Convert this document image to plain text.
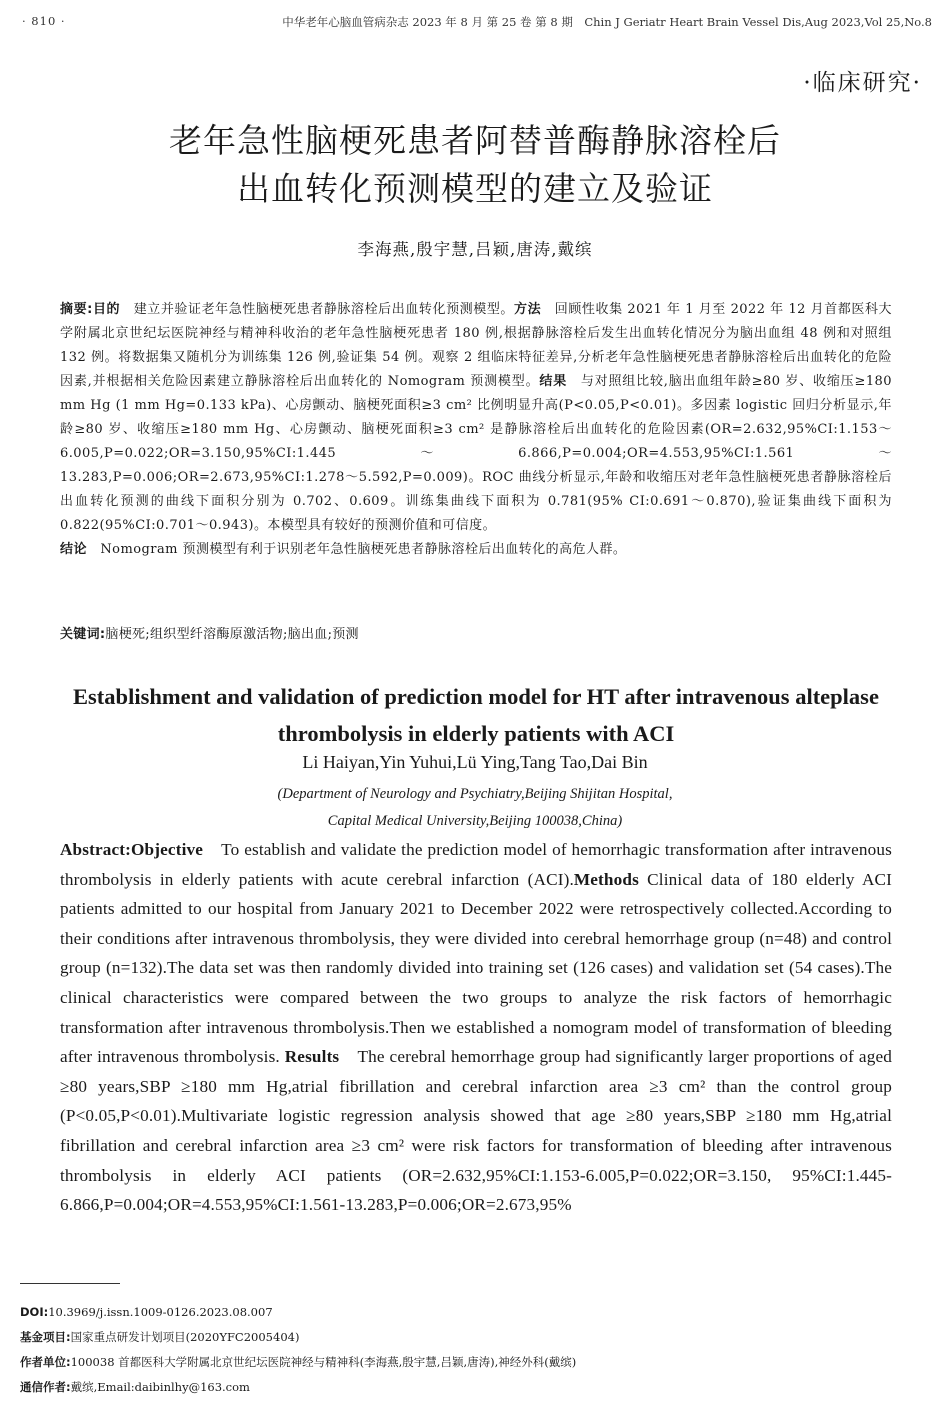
· 810 ·	中华老年心脑血管病杂志 2023 年 8 月 第 25 卷 第 8 期　Chin J Geriatr Heart Brain Vessel Dis,Aug 2023,Vol 25,No.8
·临床研究·
老年急性脑梗死患者阿替普酶静脉溶栓后
出血转化预测模型的建立及验证
李海燕,殷宇慧,吕颖,唐涛,戴缤
摘要:目的　建立并验证老年急性脑梗死患者静脉溶栓后出血转化预测模型。方法　回顾性收集 2021 年 1 月至 2022 年 12 月首都医科大学附属北京世纪坛医院神经与精神科收治的老年急性脑梗死患者 180 例,根据静脉溶栓后发生出血转化情况分为脑出血组 48 例和对照组 132 例。将数据集又随机分为训练集 126 例,验证集 54 例。观察 2 组临床特征差异,分析老年急性脑梗死患者静脉溶栓后出血转化的危险因素,并根据相关危险因素建立静脉溶栓后出血转化的 Nomogram 预测模型。结果　与对照组比较,脑出血组年龄≥80 岁、收缩压≥180 mm Hg (1 mm Hg=0.133 kPa)、心房颤动、脑梗死面积≥3 cm² 比例明显升高(P<0.05,P<0.01)。多因素 logistic 回归分析显示,年龄≥80 岁、收缩压≥180 mm Hg、心房颤动、脑梗死面积≥3 cm² 是静脉溶栓后出血转化的危险因素(OR=2.632,95%CI:1.153～6.005,P=0.022;OR=3.150,95%CI:1.445～6.866,P=0.004;OR=4.553,95%CI:1.561～13.283,P=0.006;OR=2.673,95%CI:1.278～5.592,P=0.009)。ROC 曲线分析显示,年龄和收缩压对老年急性脑梗死患者静脉溶栓后出血转化预测的曲线下面积分别为 0.702、0.609。训练集曲线下面积为 0.781(95% CI:0.691～0.870),验证集曲线下面积为 0.822(95%CI:0.701～0.943)。本模型具有较好的预测价值和可信度。
结论　Nomogram 预测模型有利于识别老年急性脑梗死患者静脉溶栓后出血转化的高危人群。
关键词:脑梗死;组织型纤溶酶原激活物;脑出血;预测
Establishment and validation of prediction model for HT after intravenous alteplase thrombolysis in elderly patients with ACI
Li Haiyan,Yin Yuhui,Lü Ying,Tang Tao,Dai Bin
(Department of Neurology and Psychiatry,Beijing Shijitan Hospital,
Capital Medical University,Beijing 100038,China)
Abstract:Objective　To establish and validate the prediction model of hemorrhagic transformation after intravenous thrombolysis in elderly patients with acute cerebral infarction (ACI).Methods Clinical data of 180 elderly ACI patients admitted to our hospital from January 2021 to December 2022 were retrospectively collected.According to their conditions after intravenous thrombolysis, they were divided into cerebral hemorrhage group (n=48) and control group (n=132).The data set was then randomly divided into training set (126 cases) and validation set (54 cases).The clinical characteristics were compared between the two groups to analyze the risk factors of hemorrhagic transformation after intravenous thrombolysis.Then we established a nomogram model of transformation of bleeding after intravenous thrombolysis. Results　The cerebral hemorrhage group had significantly larger proportions of aged ≥80 years,SBP ≥180 mm Hg,atrial fibrillation and cerebral infarction area ≥3 cm² than the control group (P<0.05,P<0.01).Multivariate logistic regression analysis showed that age ≥80 years,SBP ≥180 mm Hg,atrial fibrillation and cerebral infarction area ≥3 cm² were risk factors for transformation of bleeding after intravenous thrombolysis in elderly ACI patients (OR=2.632,95%CI:1.153-6.005,P=0.022;OR=3.150, 95%CI:1.445-6.866,P=0.004;OR=4.553,95%CI:1.561-13.283,P=0.006;OR=2.673,95%
DOI:10.3969/j.issn.1009-0126.2023.08.007
基金项目:国家重点研发计划项目(2020YFC2005404)
作者单位:100038 首都医科大学附属北京世纪坛医院神经与精神科(李海燕,殷宇慧,吕颖,唐涛),神经外科(戴缤)
通信作者:戴缤,Email:daibinlhy@163.com
